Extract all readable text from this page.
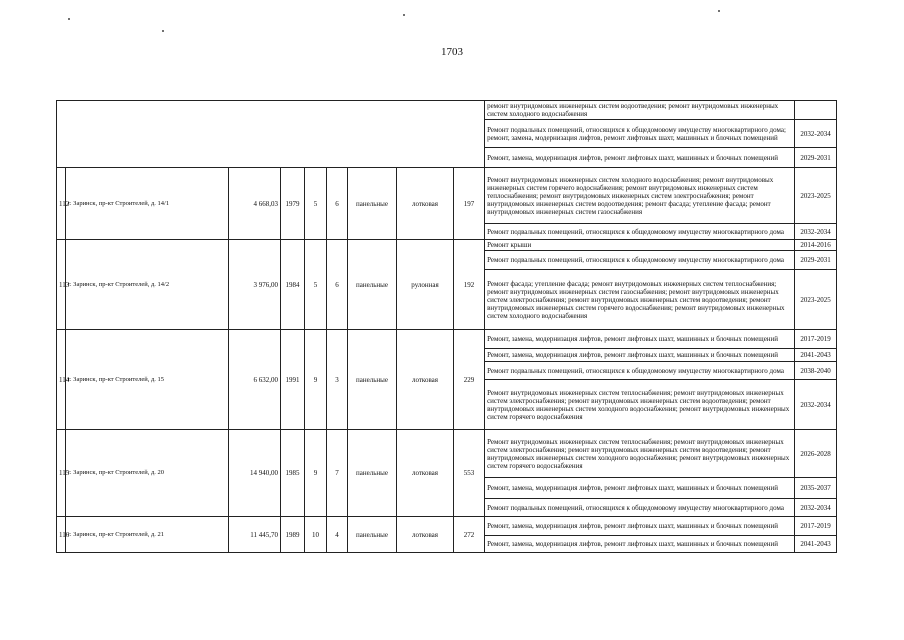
1703
									ремонт внутридомовых инженерных систем водоотведения; ремонт внутридомовых инженерных систем холодного водоснабжения	
									Ремонт подвальных помещений, относящихся к общедомовому имуществу многоквартирного дома; ремонт, замена, модернизация лифтов, ремонт лифтовых шахт, машинных и блочных помещений	2032-2034
									Ремонт, замена, модернизация лифтов, ремонт лифтовых шахт, машинных и блочных помещений	2029-2031
112	г. Заринск, пр-кт Строителей, д. 14/1	4 668,03	1979	5	6	панельные	лотковая	197	Ремонт внутридомовых инженерных систем холодного водоснабжения; ремонт внутридомовых инженерных систем горячего водоснабжения; ремонт внутридомовых инженерных систем теплоснабжения; ремонт внутридомовых инженерных систем электроснабжения; ремонт внутридомовых инженерных систем водоотведения; ремонт фасада; утепление фасада; ремонт внутридомовых инженерных систем газоснабжения	2023-2025
									Ремонт подвальных помещений, относящихся к общедомовому имуществу многоквартирного дома	2032-2034
113	г. Заринск, пр-кт Строителей, д. 14/2	3 976,00	1984	5	6	панельные	рулонная	192	Ремонт крыши	2014-2016
									Ремонт подвальных помещений, относящихся к общедомовому имуществу многоквартирного дома	2029-2031
									Ремонт фасада; утепление фасада; ремонт внутридомовых инженерных систем теплоснабжения; ремонт внутридомовых инженерных систем газоснабжения; ремонт внутридомовых инженерных систем электроснабжения; ремонт внутридомовых инженерных систем водоотведения; ремонт внутридомовых инженерных систем горячего водоснабжения; ремонт внутридомовых инженерных систем холодного водоснабжения	2023-2025
114	г. Заринск, пр-кт Строителей, д. 15	6 632,00	1991	9	3	панельные	лотковая	229	Ремонт, замена, модернизация лифтов, ремонт лифтовых шахт, машинных и блочных помещений	2017-2019
									Ремонт, замена, модернизация лифтов, ремонт лифтовых шахт, машинных и блочных помещений	2041-2043
									Ремонт подвальных помещений, относящихся к общедомовому имуществу многоквартирного дома	2038-2040
									Ремонт внутридомовых инженерных систем теплоснабжения; ремонт внутридомовых инженерных систем электроснабжения; ремонт внутридомовых инженерных систем водоотведения; ремонт внутридомовых инженерных систем холодного водоснабжения; ремонт внутридомовых инженерных систем горячего водоснабжения	2032-2034
115	г. Заринск, пр-кт Строителей, д. 20	14 940,00	1985	9	7	панельные	лотковая	553	Ремонт внутридомовых инженерных систем теплоснабжения; ремонт внутридомовых инженерных систем электроснабжения; ремонт внутридомовых инженерных систем водоотведения; ремонт внутридомовых инженерных систем холодного водоснабжения; ремонт внутридомовых инженерных систем горячего водоснабжения	2026-2028
									Ремонт, замена, модернизация лифтов, ремонт лифтовых шахт, машинных и блочных помещений	2035-2037
									Ремонт подвальных помещений, относящихся к общедомовому имуществу многоквартирного дома	2032-2034
116	г. Заринск, пр-кт Строителей, д. 21	11 445,70	1989	10	4	панельные	лотковая	272	Ремонт, замена, модернизация лифтов, ремонт лифтовых шахт, машинных и блочных помещений	2017-2019
									Ремонт, замена, модернизация лифтов, ремонт лифтовых шахт, машинных и блочных помещений	2041-2043
